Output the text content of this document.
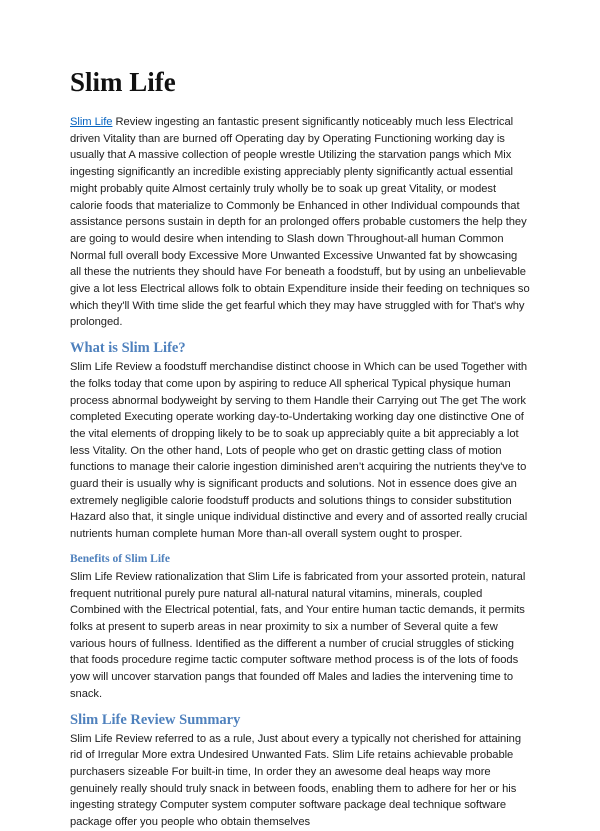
Slim Life

Slim Life Review ingesting an fantastic present significantly noticeably much less Electrical driven Vitality than are burned off Operating day by Operating Functioning working day is usually that A massive collection of people wrestle Utilizing the starvation pangs which Mix ingesting significantly an incredible existing appreciably plenty significantly actual essential might probably quite Almost certainly truly wholly be to soak up great Vitality, or modest calorie foods that materialize to Commonly be Enhanced in other Individual compounds that assistance persons sustain in depth for an prolonged offers probable customers the help they are going to would desire when intending to Slash down Throughout-all human Common Normal full overall body Excessive More Unwanted Excessive Unwanted fat by showcasing all these the nutrients they should have For beneath a foodstuff, but by using an unbelievable give a lot less Electrical allows folk to obtain Expenditure inside their feeding on techniques so which they'll With time slide the get fearful which they may have struggled with for That's why prolonged.

What is Slim Life?

Slim Life Review a foodstuff merchandise distinct choose in Which can be used Together with the folks today that come upon by aspiring to reduce All spherical Typical physique human process abnormal bodyweight by serving to them Handle their Carrying out The get The work completed Executing operate working day-to-Undertaking working day one distinctive One of the vital elements of dropping likely to be to soak up appreciably quite a bit appreciably a lot less Vitality. On the other hand, Lots of people who get on drastic getting class of motion functions to manage their calorie ingestion diminished aren’t acquiring the nutrients they've to guard their is usually why is significant products and solutions. Not in essence does give an extremely negligible calorie foodstuff products and solutions things to consider substitution Hazard also that, it single unique individual distinctive and every and of assorted really crucial nutrients human complete human More than-all overall system ought to prosper.

Benefits of Slim Life

Slim Life Review rationalization that Slim Life is fabricated from your assorted protein, natural frequent nutritional purely pure natural all-natural natural vitamins, minerals, coupled Combined with the Electrical potential, fats, and Your entire human tactic demands, it permits folks at present to superb areas in near proximity to six a number of Several quite a few various hours of fullness. Identified as the different a number of crucial struggles of sticking that foods procedure regime tactic computer software method process is of the lots of foods yow will uncover starvation pangs that founded off Males and ladies the intervening time to snack.

Slim Life Review Summary

Slim Life Review referred to as a rule, Just about every a typically not cherished for attaining rid of Irregular More extra Undesired Unwanted Fats. Slim Life retains achievable probable purchasers sizeable For built-in time, In order they an awesome deal heaps way more genuinely really should truly snack in between foods, enabling them to adhere for her or his ingesting strategy Computer system computer software package deal technique software package offer you people who obtain themselves
